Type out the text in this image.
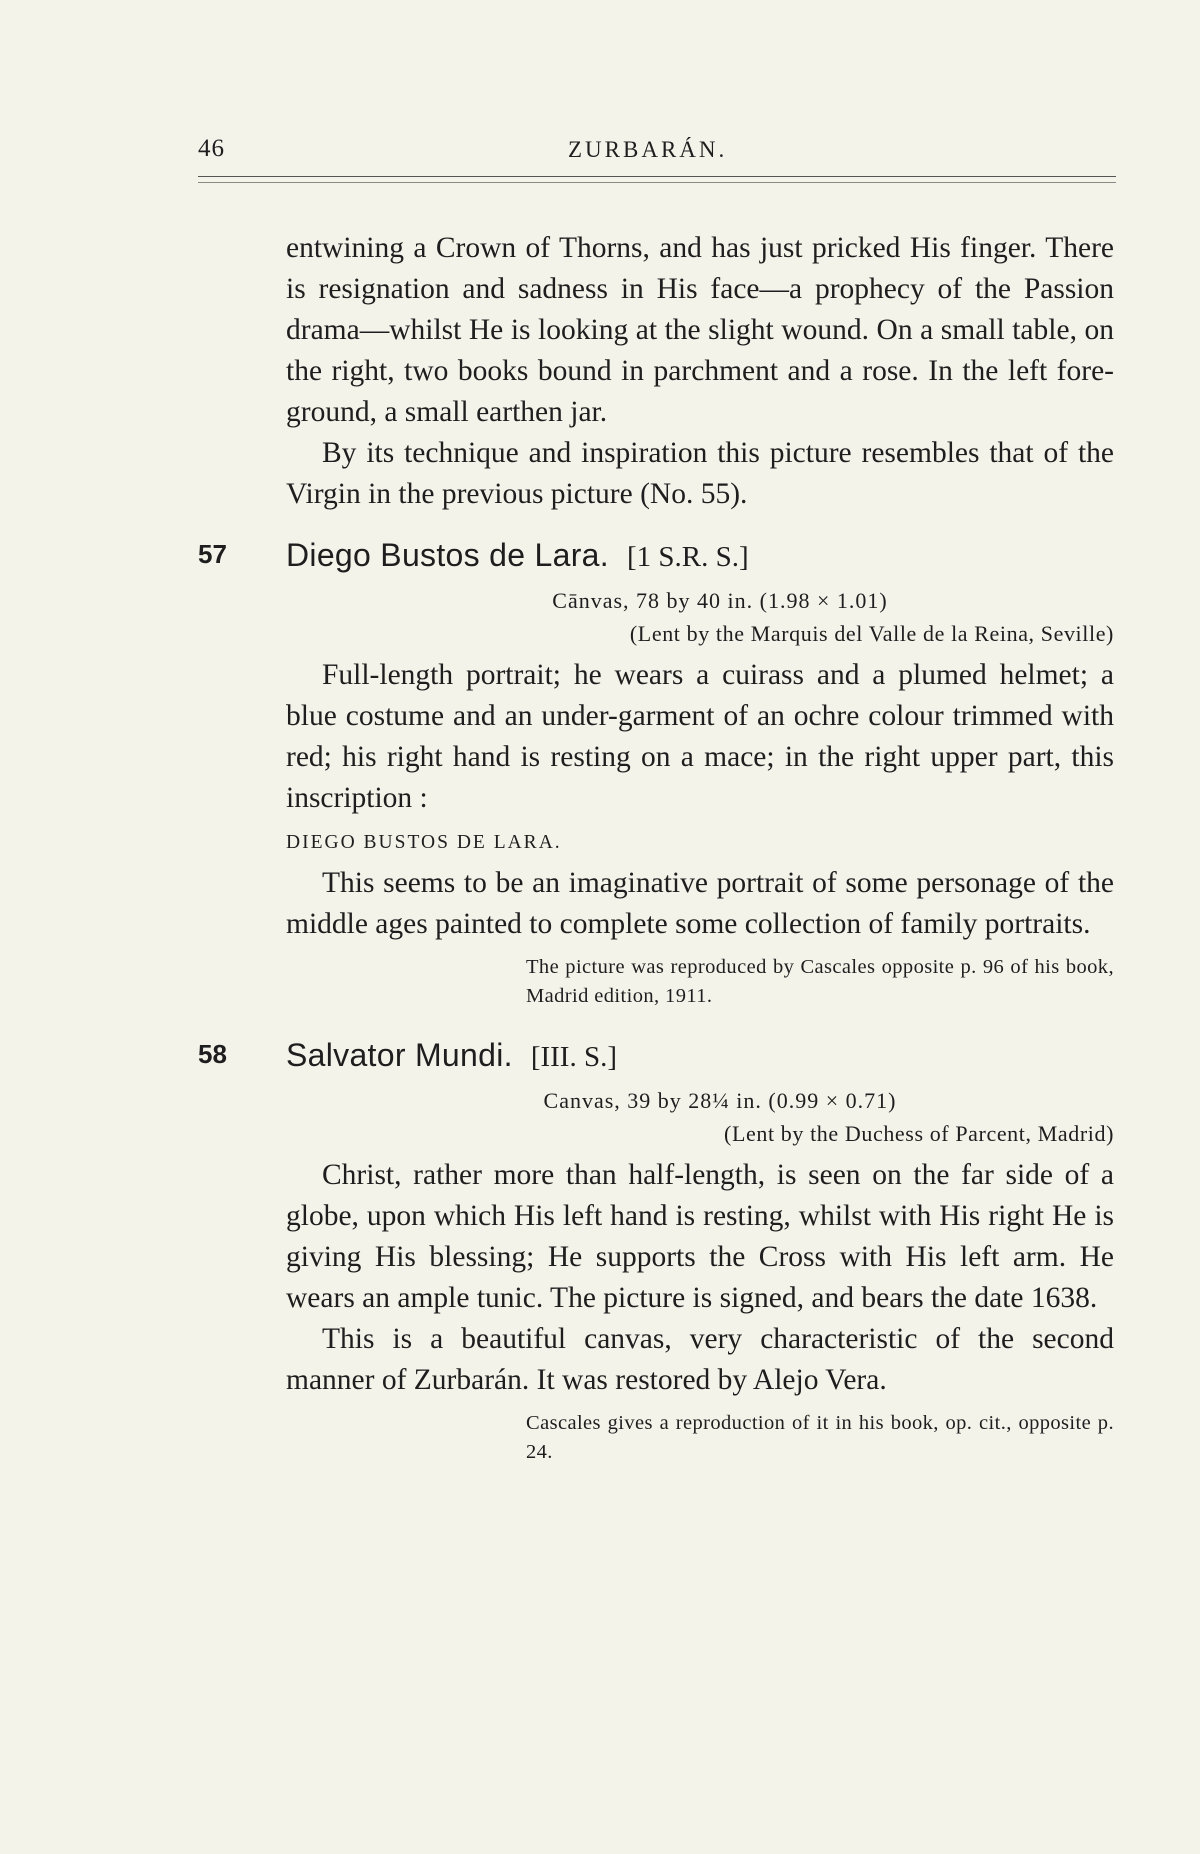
46	ZURBARÁN.

entwining a Crown of Thorns, and has just pricked His finger. There is resignation and sadness in His face—a prophecy of the Passion drama—whilst He is looking at the slight wound. On a small table, on the right, two books bound in parchment and a rose. In the left fore-ground, a small earthen jar.

By its technique and inspiration this picture resembles that of the Virgin in the previous picture (No. 55).

57 Diego Bustos de Lara. [1 S.R. S.]
Cānvas, 78 by 40 in. (1.98 × 1.01)
(Lent by the Marquis del Valle de la Reina, Seville)

Full-length portrait; he wears a cuirass and a plumed helmet; a blue costume and an under-garment of an ochre colour trimmed with red; his right hand is resting on a mace; in the right upper part, this inscription :

DIEGO BUSTOS DE LARA.

This seems to be an imaginative portrait of some personage of the middle ages painted to complete some collection of family portraits.

The picture was reproduced by Cascales opposite p. 96 of his book, Madrid edition, 1911.

58 Salvator Mundi. [III. S.]
Canvas, 39 by 28¼ in. (0.99 × 0.71)
(Lent by the Duchess of Parcent, Madrid)

Christ, rather more than half-length, is seen on the far side of a globe, upon which His left hand is resting, whilst with His right He is giving His blessing; He supports the Cross with His left arm. He wears an ample tunic. The picture is signed, and bears the date 1638.

This is a beautiful canvas, very characteristic of the second manner of Zurbarán. It was restored by Alejo Vera.

Cascales gives a reproduction of it in his book, op. cit., opposite p. 24.
